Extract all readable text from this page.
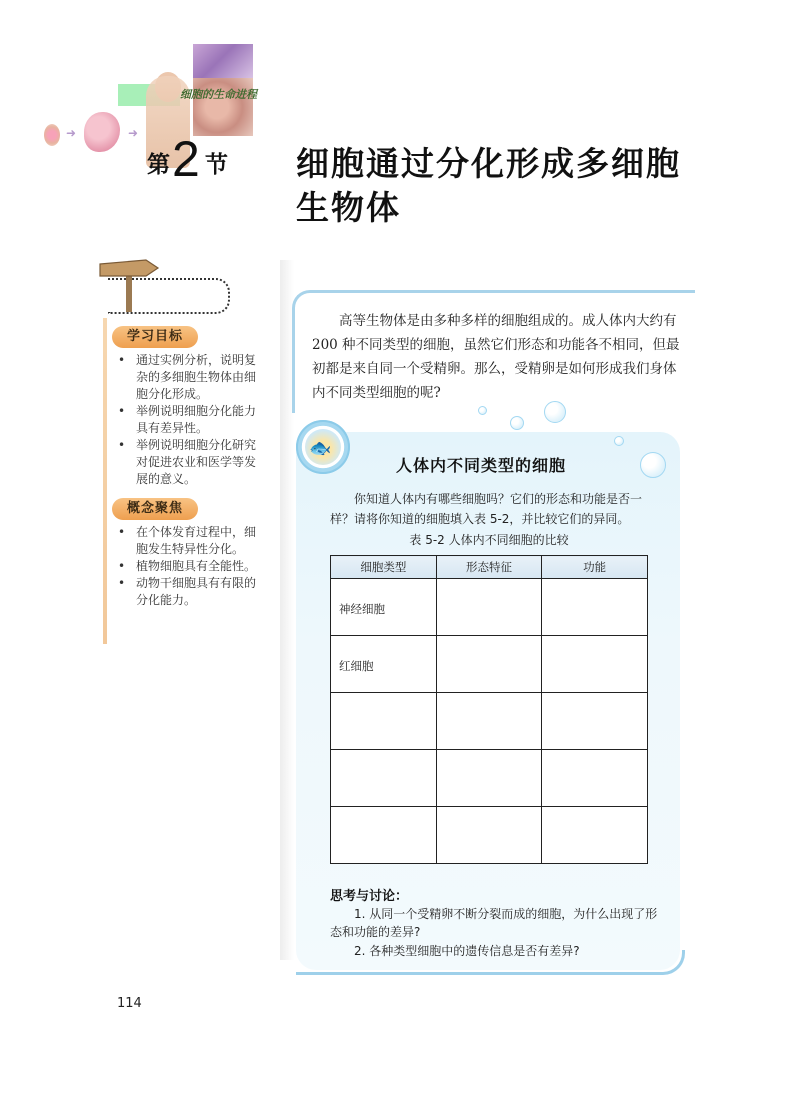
细胞的生命进程
➜	➜
第 2 节 细胞通过分化形成多细胞生物体
学习目标
• 通过实例分析，说明复杂的多细胞生物体由细胞分化形成。
• 举例说明细胞分化能力具有差异性。
• 举例说明细胞分化研究对促进农业和医学等发展的意义。
概念聚焦
• 在个体发育过程中，细胞发生特异性分化。
• 植物细胞具有全能性。
• 动物干细胞具有有限的分化能力。
高等生物体是由多种多样的细胞组成的。成人体内大约有 200 种不同类型的细胞，虽然它们形态和功能各不相同，但最初都是来自同一个受精卵。那么，受精卵是如何形成我们身体内不同类型细胞的呢?
🐟
人体内不同类型的细胞
你知道人体内有哪些细胞吗？它们的形态和功能是否一样？请将你知道的细胞填入表 5-2，并比较它们的异同。
表 5-2 人体内不同细胞的比较
细胞类型	形态特征	功能
神经细胞		
红细胞		

思考与讨论：
1. 从同一个受精卵不断分裂而成的细胞，为什么出现了形态和功能的差异?
2. 各种类型细胞中的遗传信息是否有差异?
114
